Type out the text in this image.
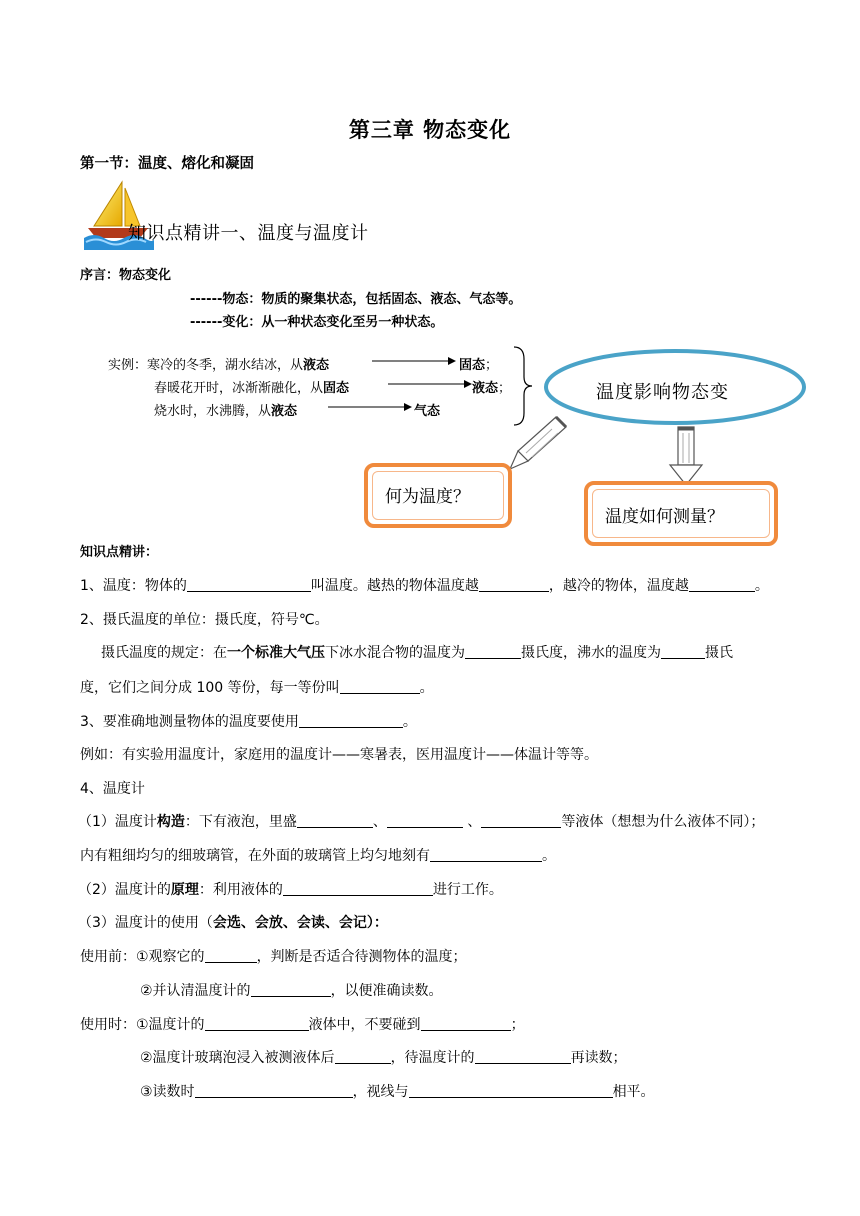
第三章 物态变化
第一节：温度、熔化和凝固
知识点精讲一、温度与温度计
序言：物态变化
------物态：物质的聚集状态，包括固态、液态、气态等。
------变化：从一种状态变化至另一种状态。
实例：寒冷的冬季，湖水结冰，从液态	固态；
春暖花开时，冰渐渐融化，从固态	液态；
烧水时，水沸腾，从液态	气态
温度影响物态变
何为温度？
温度如何测量？
知识点精讲：
1、温度：物体的	叫温度。越热的物体温度越	，越冷的物体，温度越	。
2、摄氏温度的单位：摄氏度，符号℃。
摄氏温度的规定：在一个标准大气压下冰水混合物的温度为	摄氏度，沸水的温度为	摄氏
度，它们之间分成 100 等份，每一等份叫	。
3、要准确地测量物体的温度要使用	。
例如：有实验用温度计，家庭用的温度计——寒暑表，医用温度计——体温计等等。
4、温度计
（1）温度计构造：下有液泡，里盛	、	、	等液体（想想为什么液体不同）；
内有粗细均匀的细玻璃管，在外面的玻璃管上均匀地刻有	。
（2）温度计的原理：利用液体的	进行工作。
（3）温度计的使用（会选、会放、会读、会记）：
使用前：①观察它的	，判断是否适合待测物体的温度；
②并认清温度计的	，以便准确读数。
使用时：①温度计的	液体中，不要碰到	；
②温度计玻璃泡浸入被测液体后	，待温度计的	再读数；
③读数时	，视线与	相平。
